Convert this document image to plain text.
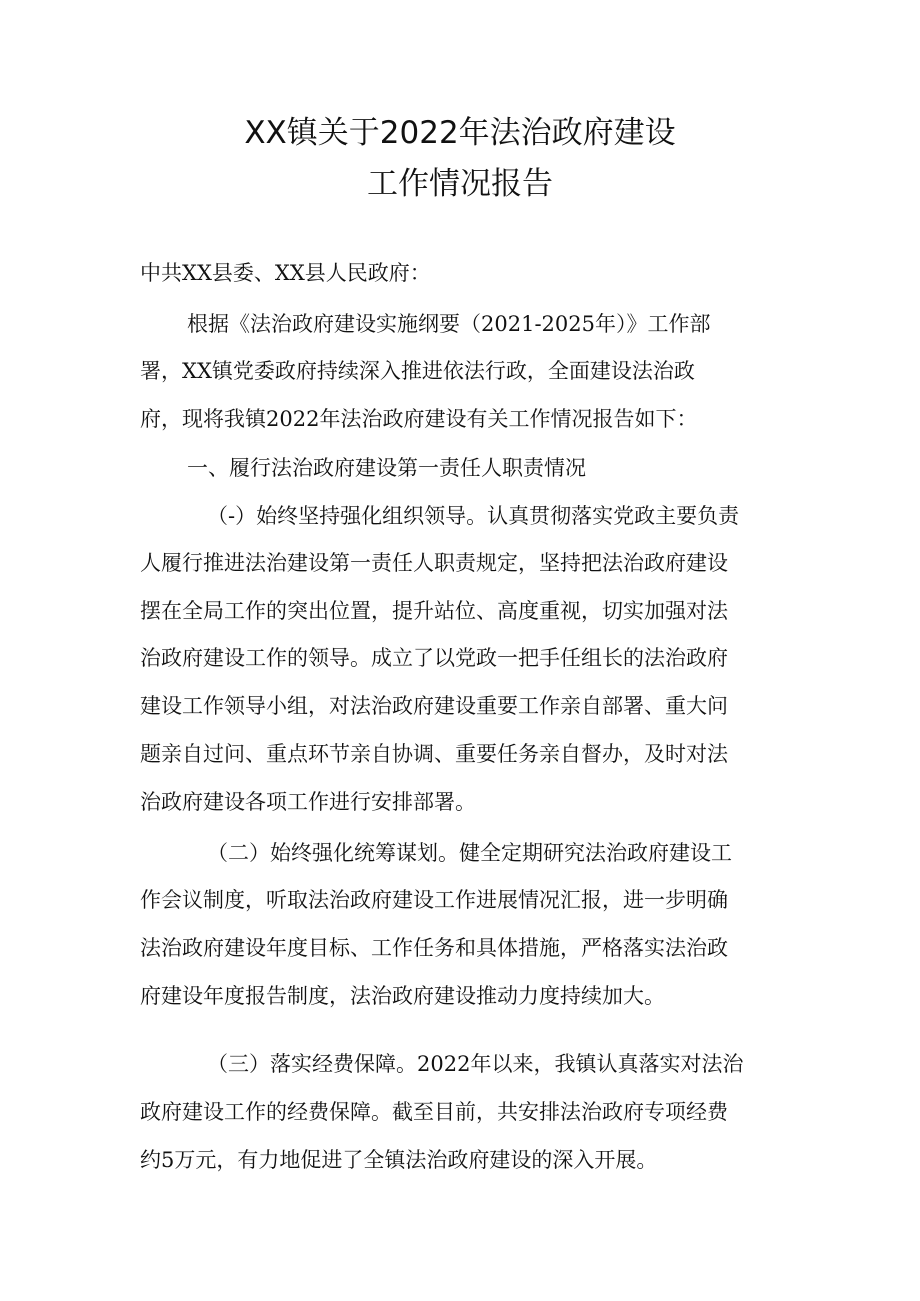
XX镇关于2022年法治政府建设
工作情况报告
中共XX县委、XX县人民政府：
根据《法治政府建设实施纲要（2021-2025年）》工作部
署，XX镇党委政府持续深入推进依法行政，全面建设法治政
府，现将我镇2022年法治政府建设有关工作情况报告如下：
一、履行法治政府建设第一责任人职责情况
（-）始终坚持强化组织领导。认真贯彻落实党政主要负责
人履行推进法治建设第一责任人职责规定，坚持把法治政府建设
摆在全局工作的突出位置，提升站位、高度重视，切实加强对法
治政府建设工作的领导。成立了以党政一把手任组长的法治政府
建设工作领导小组，对法治政府建设重要工作亲自部署、重大问
题亲自过问、重点环节亲自协调、重要任务亲自督办，及时对法
治政府建设各项工作进行安排部署。
（二）始终强化统筹谋划。健全定期研究法治政府建设工
作会议制度，听取法治政府建设工作进展情况汇报，进一步明确
法治政府建设年度目标、工作任务和具体措施，严格落实法治政
府建设年度报告制度，法治政府建设推动力度持续加大。
（三）落实经费保障。2022年以来，我镇认真落实对法治
政府建设工作的经费保障。截至目前，共安排法治政府专项经费
约5万元，有力地促进了全镇法治政府建设的深入开展。
